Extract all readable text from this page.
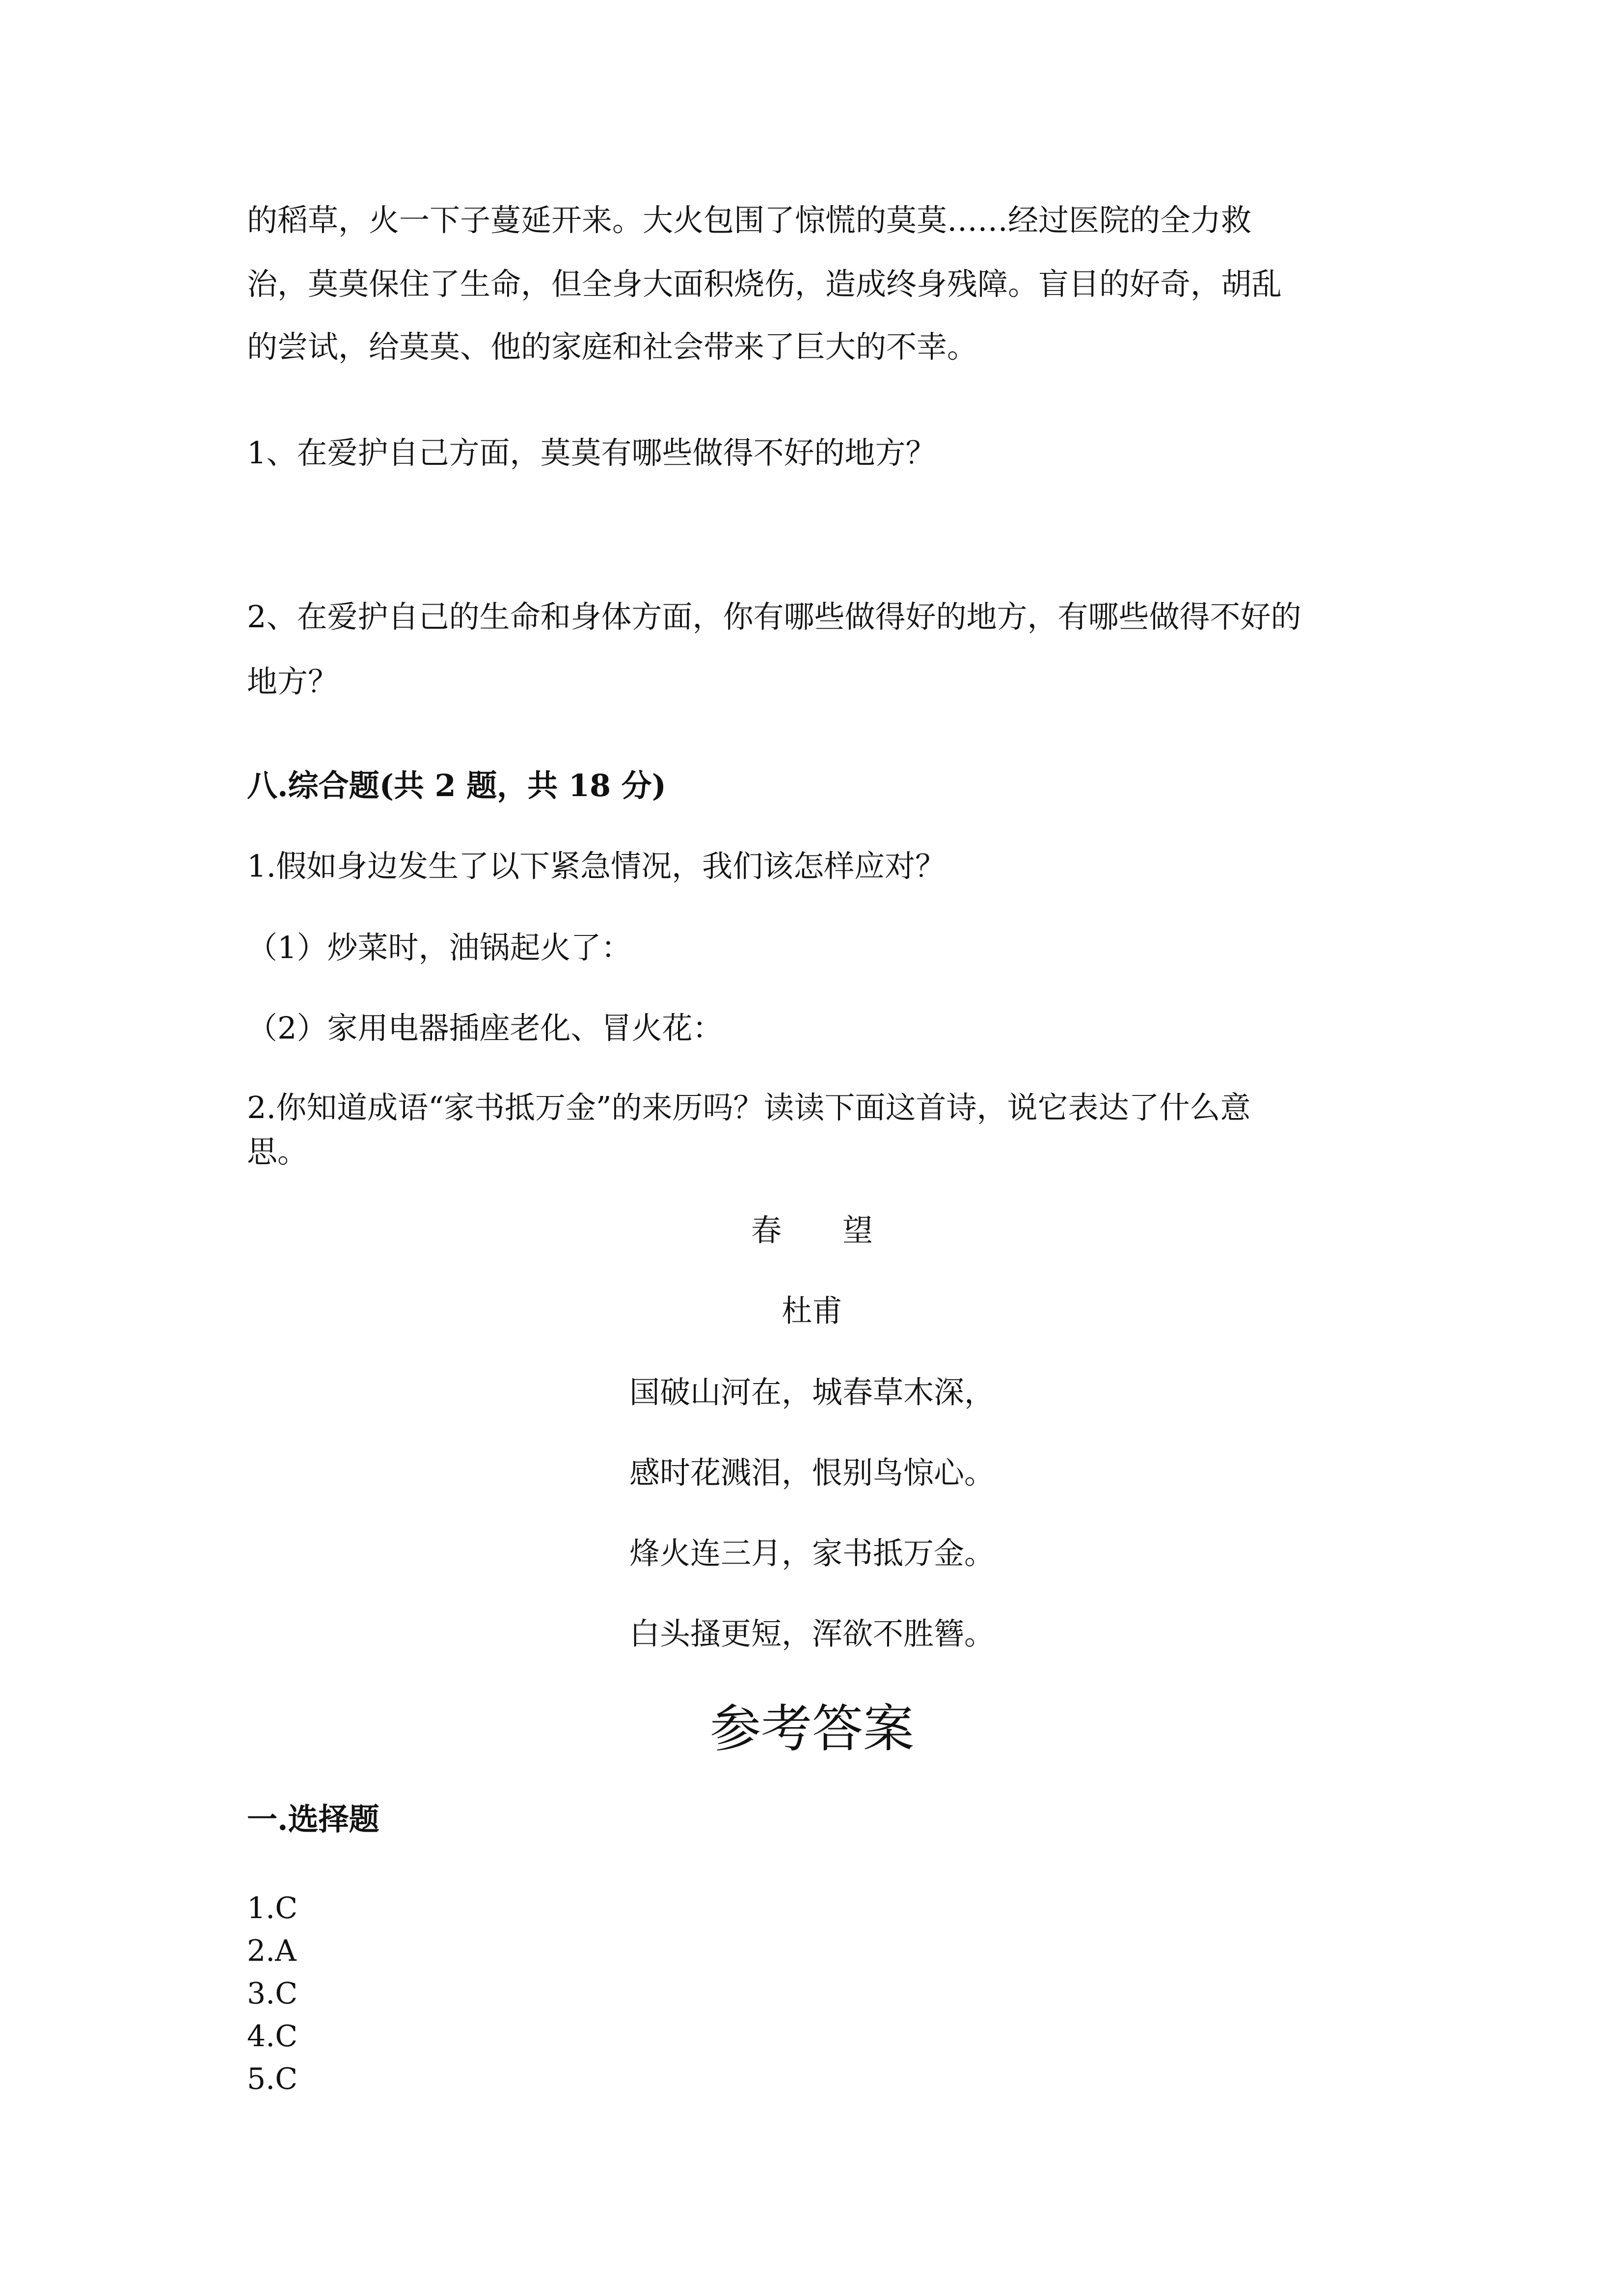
的稻草，火一下子蔓延开来。大火包围了惊慌的莫莫……经过医院的全力救
治，莫莫保住了生命，但全身大面积烧伤，造成终身残障。盲目的好奇，胡乱
的尝试，给莫莫、他的家庭和社会带来了巨大的不幸。
1、在爱护自己方面，莫莫有哪些做得不好的地方？
2、在爱护自己的生命和身体方面，你有哪些做得好的地方，有哪些做得不好的
地方？
八.综合题(共 2 题，共 18 分)
1.假如身边发生了以下紧急情况，我们该怎样应对？
（1）炒菜时，油锅起火了：
（2）家用电器插座老化、冒火花：
2.你知道成语“家书抵万金”的来历吗？读读下面这首诗，说它表达了什么意
思。
春　　望
杜甫
国破山河在，城春草木深，
感时花溅泪，恨别鸟惊心。
烽火连三月，家书抵万金。
白头搔更短，浑欲不胜簪。
参考答案
一.选择题
1.C
2.A
3.C
4.C
5.C
